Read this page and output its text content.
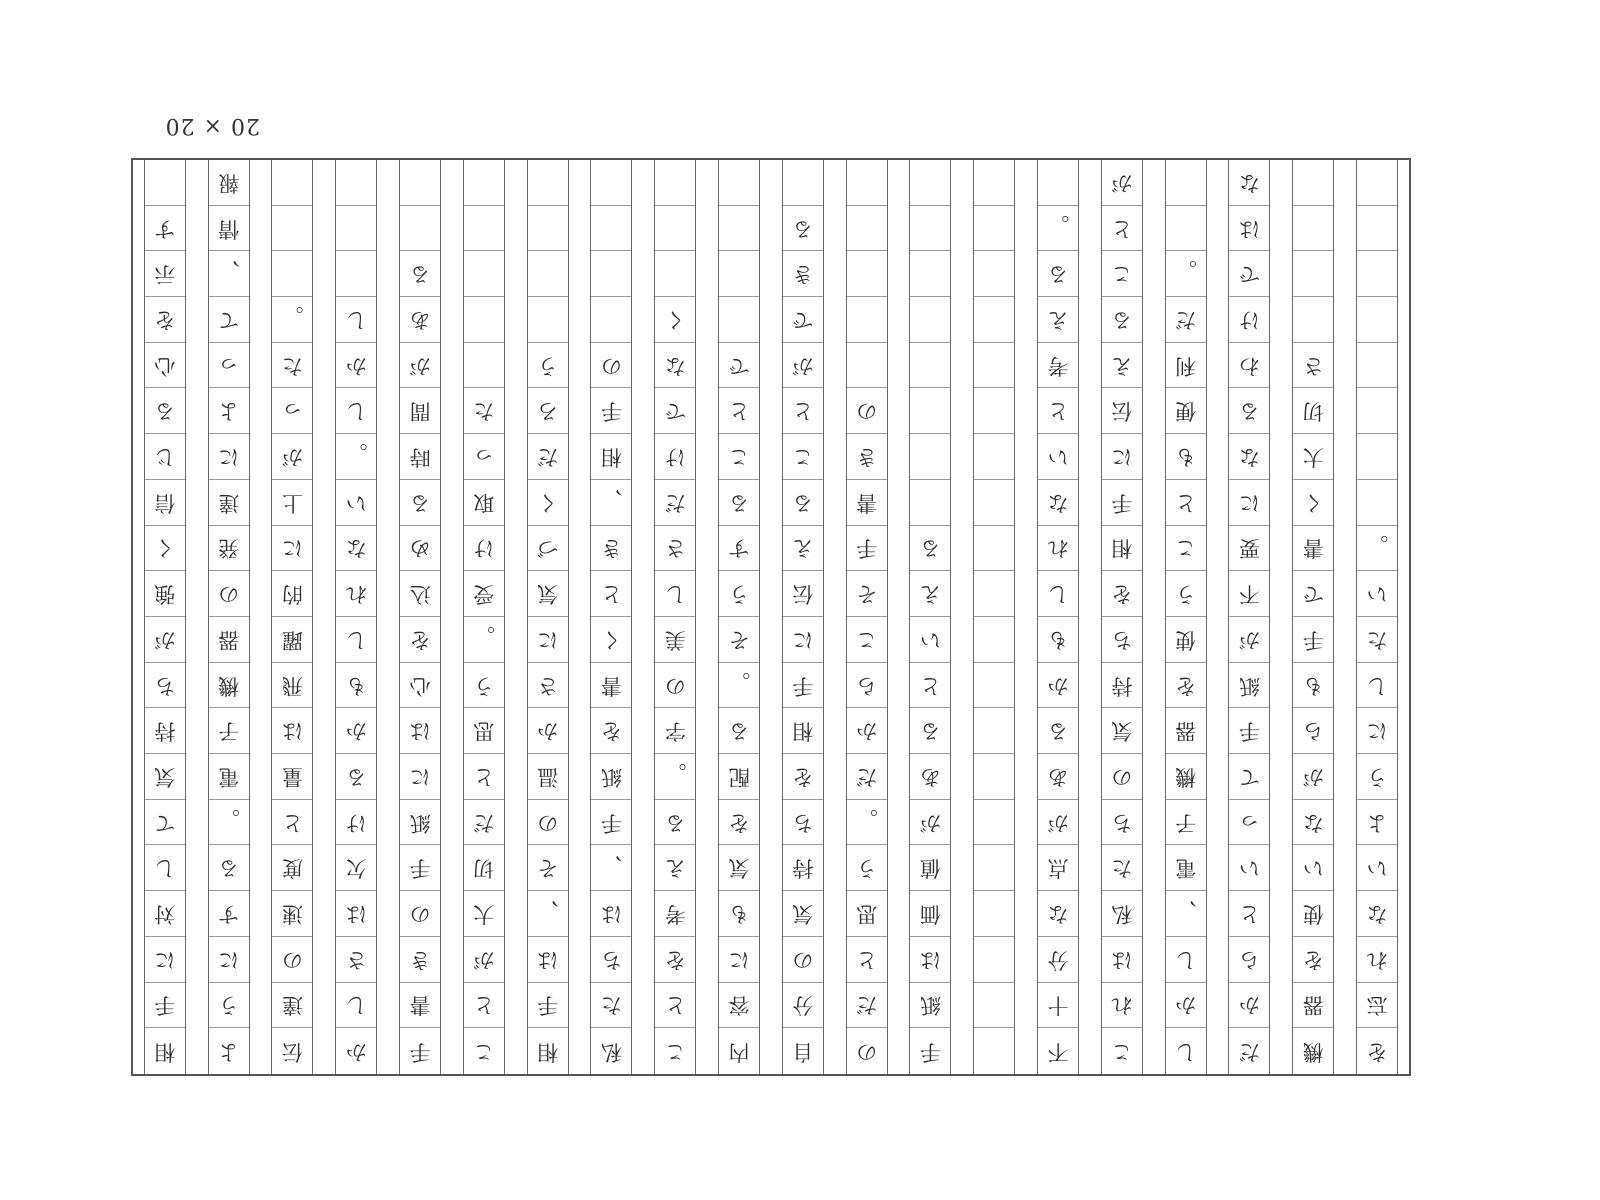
20 × 20
相
手
に
対
し
て
気
持
ち
が
強
く
信
じ
る
心
を
示
す
よ
う
に
す
る
。
電
子
機
器
の
発
達
に
よ
っ
て
、
情
報
伝
達
の
速
度
と
量
は
飛
躍
的
に
上
が
っ
た
。
か
し
さ
は
欠
け
る
か
も
し
れ
な
い
。
し
か
し
手
書
き
の
手
紙
に
は
心
を
込
め
る
時
間
が
あ
る
こ
と
が
大
切
だ
と
思
う
。
受
け
取
っ
た
相
手
は
、
そ
の
温
か
さ
に
気
づ
く
だ
ろ
う
私
た
ち
は
、
手
紙
を
書
く
と
き
、
相
手
の
こ
と
を
考
え
る
。
字
の
美
し
さ
だ
け
で
な
く
内
容
に
も
気
を
配
る
。
そ
う
す
る
こ
と
で
自
分
の
気
持
ち
を
相
手
に
伝
え
る
こ
と
が
で
き
る
の
だ
と
思
う
。
だ
か
ら
こ
そ
手
書
き
の
手
紙
は
価
値
が
あ
る
と
い
え
る
不
十
分
な
点
が
あ
る
か
も
し
れ
な
い
と
考
え
る
。
こ
れ
は
私
た
ち
の
気
持
ち
を
相
手
に
伝
え
る
こ
と
が
し
か
し
、
電
子
機
器
を
使
う
こ
と
も
便
利
だ
。
だ
か
ら
と
い
っ
て
手
紙
が
不
要
に
な
る
わ
け
で
は
な
機
器
を
使
い
な
が
ら
も
手
で
書
く
大
切
さ
を
忘
れ
な
い
よ
う
に
し
た
い
。
